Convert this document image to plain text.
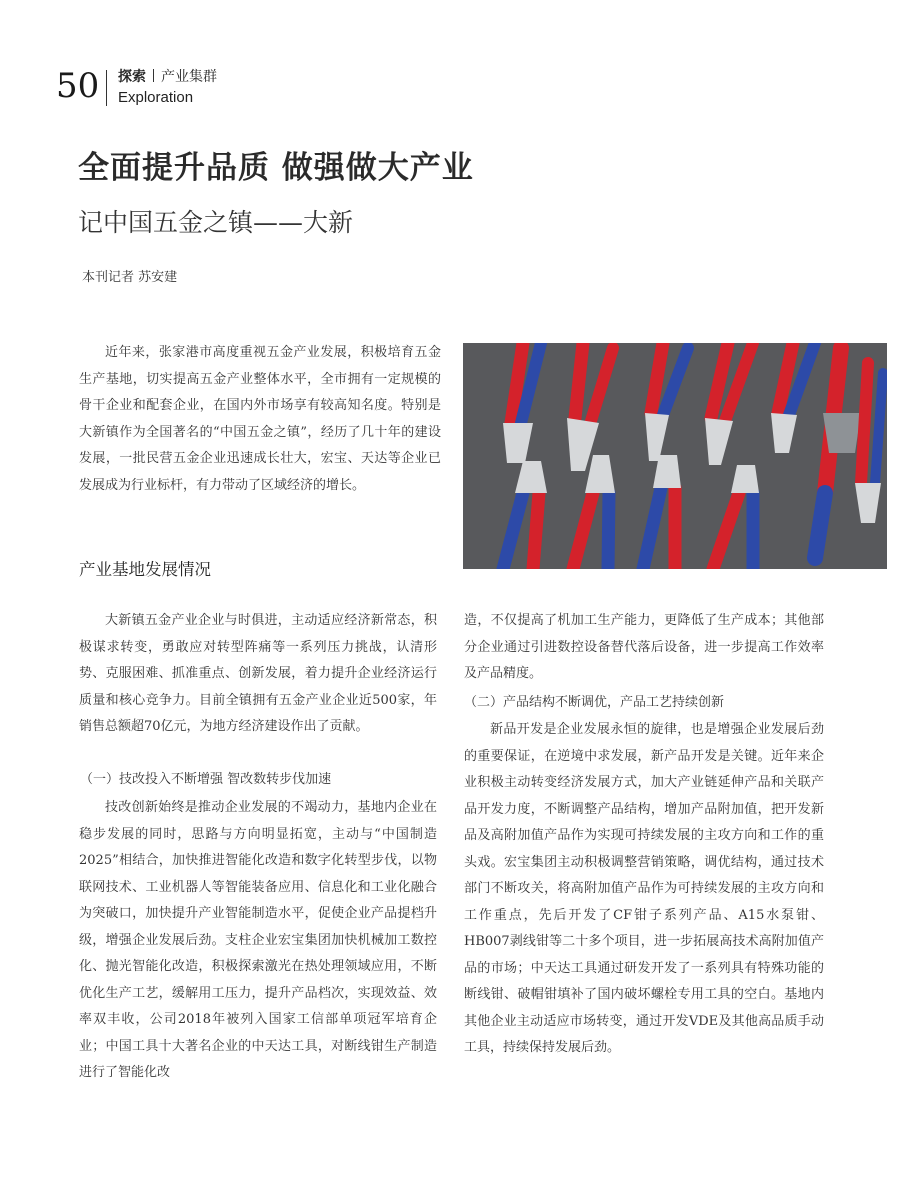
50 探索 产业集群
Exploration
全面提升品质 做强做大产业
记中国五金之镇——大新
本刊记者 苏安建

近年来，张家港市高度重视五金产业发展，积极培育五金生产基地，切实提高五金产业整体水平，全市拥有一定规模的骨干企业和配套企业，在国内外市场享有较高知名度。特别是大新镇作为全国著名的“中国五金之镇”，经历了几十年的建设发展，一批民营五金企业迅速成长壮大，宏宝、天达等企业已发展成为行业标杆，有力带动了区域经济的增长。

产业基地发展情况

大新镇五金产业企业与时俱进，主动适应经济新常态，积极谋求转变，勇敢应对转型阵痛等一系列压力挑战，认清形势、克服困难、抓准重点、创新发展，着力提升企业经济运行质量和核心竞争力。目前全镇拥有五金产业企业近500家，年销售总额超70亿元，为地方经济建设作出了贡献。

（一）技改投入不断增强 智改数转步伐加速

技改创新始终是推动企业发展的不竭动力，基地内企业在稳步发展的同时，思路与方向明显拓宽，主动与“中国制造2025”相结合，加快推进智能化改造和数字化转型步伐，以物联网技术、工业机器人等智能装备应用、信息化和工业化融合为突破口，加快提升产业智能制造水平，促使企业产品提档升级，增强企业发展后劲。支柱企业宏宝集团加快机械加工数控化、抛光智能化改造，积极探索激光在热处理领域应用，不断优化生产工艺，缓解用工压力，提升产品档次，实现效益、效率双丰收，公司2018年被列入国家工信部单项冠军培育企业；中国工具十大著名企业的中天达工具，对断线钳生产制造进行了智能化改

造，不仅提高了机加工生产能力，更降低了生产成本；其他部分企业通过引进数控设备替代落后设备，进一步提高工作效率及产品精度。

（二）产品结构不断调优，产品工艺持续创新

新品开发是企业发展永恒的旋律，也是增强企业发展后劲的重要保证，在逆境中求发展，新产品开发是关键。近年来企业积极主动转变经济发展方式，加大产业链延伸产品和关联产品开发力度，不断调整产品结构，增加产品附加值，把开发新品及高附加值产品作为实现可持续发展的主攻方向和工作的重头戏。宏宝集团主动积极调整营销策略，调优结构，通过技术部门不断攻关，将高附加值产品作为可持续发展的主攻方向和工作重点，先后开发了CF钳子系列产品、A15水泵钳、HB007剥线钳等二十多个项目，进一步拓展高技术高附加值产品的市场；中天达工具通过研发开发了一系列具有特殊功能的断线钳、破帽钳填补了国内破坏螺栓专用工具的空白。基地内其他企业主动适应市场转变，通过开发VDE及其他高品质手动工具，持续保持发展后劲。
